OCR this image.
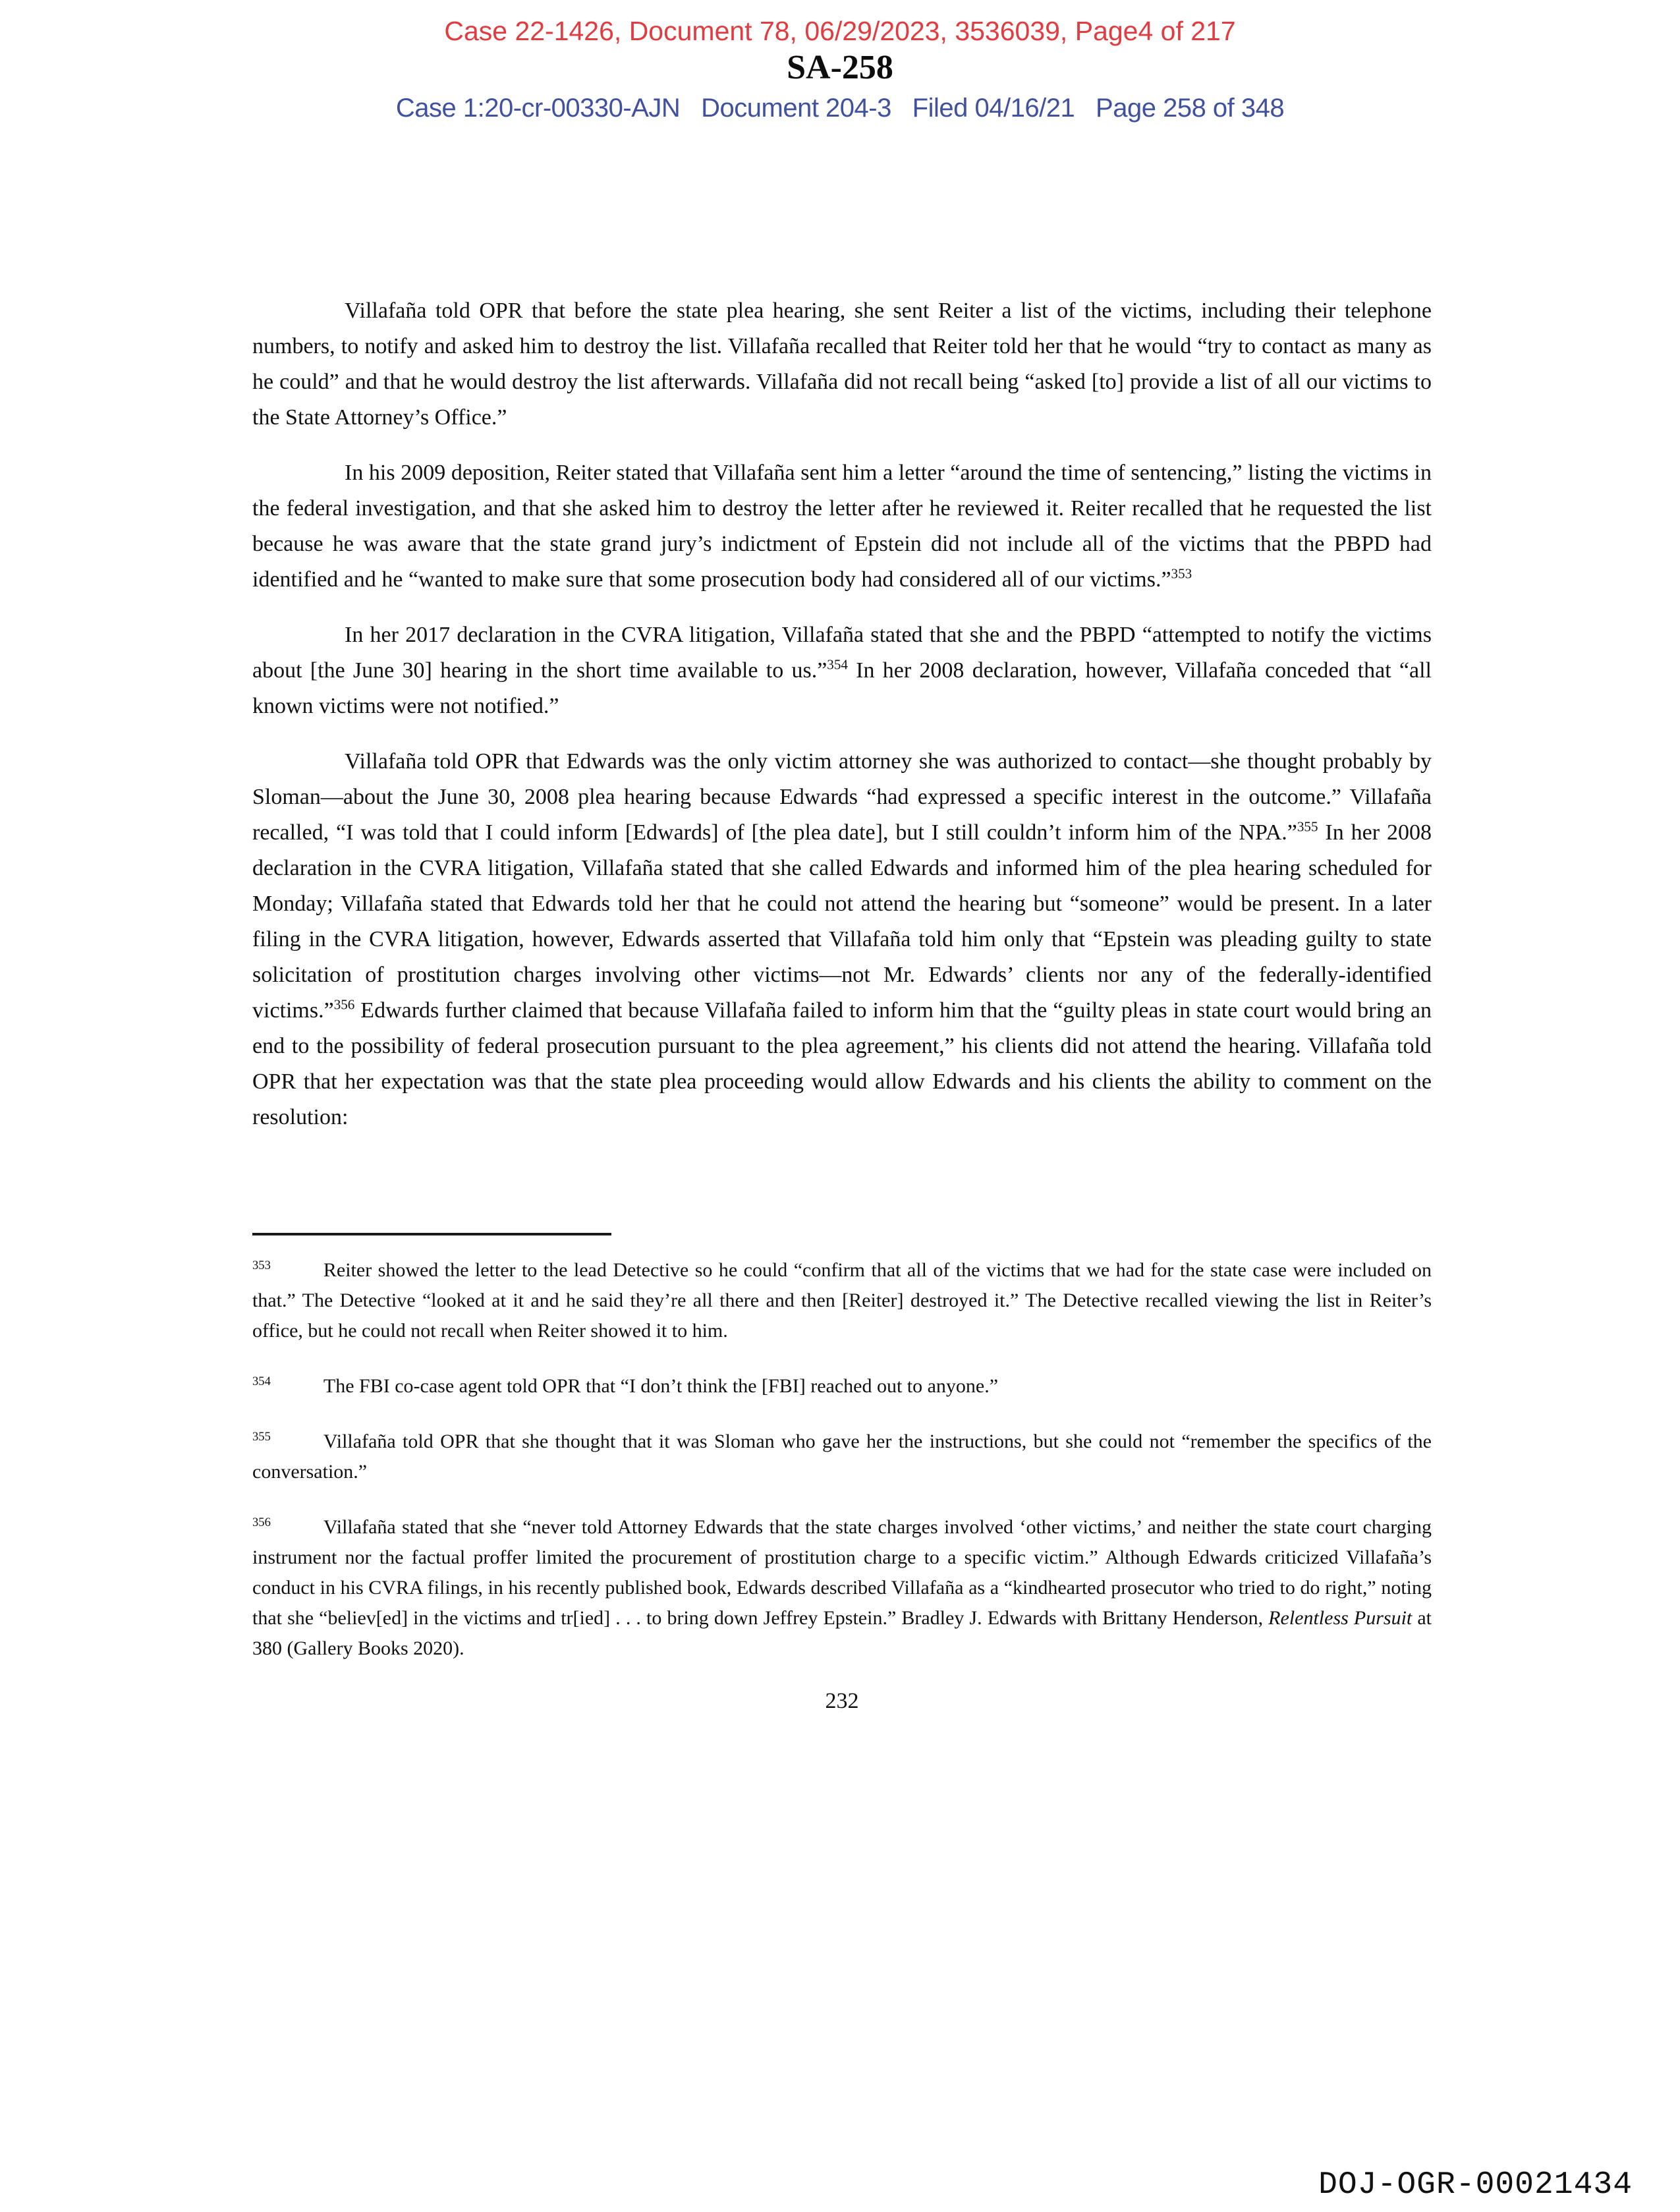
Case 22-1426, Document 78, 06/29/2023, 3536039, Page4 of 217
SA-258
Case 1:20-cr-00330-AJN   Document 204-3   Filed 04/16/21   Page 258 of 348

Villafaña told OPR that before the state plea hearing, she sent Reiter a list of the victims, including their telephone numbers, to notify and asked him to destroy the list. Villafaña recalled that Reiter told her that he would “try to contact as many as he could” and that he would destroy the list afterwards. Villafaña did not recall being “asked [to] provide a list of all our victims to the State Attorney’s Office.”

In his 2009 deposition, Reiter stated that Villafaña sent him a letter “around the time of sentencing,” listing the victims in the federal investigation, and that she asked him to destroy the letter after he reviewed it. Reiter recalled that he requested the list because he was aware that the state grand jury’s indictment of Epstein did not include all of the victims that the PBPD had identified and he “wanted to make sure that some prosecution body had considered all of our victims.”$^{353}$

In her 2017 declaration in the CVRA litigation, Villafaña stated that she and the PBPD “attempted to notify the victims about [the June 30] hearing in the short time available to us.”$^{354}$ In her 2008 declaration, however, Villafaña conceded that “all known victims were not notified.”

Villafaña told OPR that Edwards was the only victim attorney she was authorized to contact—she thought probably by Sloman—about the June 30, 2008 plea hearing because Edwards “had expressed a specific interest in the outcome.” Villafaña recalled, “I was told that I could inform [Edwards] of [the plea date], but I still couldn’t inform him of the NPA.”$^{355}$ In her 2008 declaration in the CVRA litigation, Villafaña stated that she called Edwards and informed him of the plea hearing scheduled for Monday; Villafaña stated that Edwards told her that he could not attend the hearing but “someone” would be present. In a later filing in the CVRA litigation, however, Edwards asserted that Villafaña told him only that “Epstein was pleading guilty to state solicitation of prostitution charges involving other victims—not Mr. Edwards’ clients nor any of the federally-identified victims.”$^{356}$ Edwards further claimed that because Villafaña failed to inform him that the “guilty pleas in state court would bring an end to the possibility of federal prosecution pursuant to the plea agreement,” his clients did not attend the hearing. Villafaña told OPR that her expectation was that the state plea proceeding would allow Edwards and his clients the ability to comment on the resolution:

$^{353}$	Reiter showed the letter to the lead Detective so he could “confirm that all of the victims that we had for the state case were included on that.” The Detective “looked at it and he said they’re all there and then [Reiter] destroyed it.” The Detective recalled viewing the list in Reiter’s office, but he could not recall when Reiter showed it to him.

$^{354}$	The FBI co-case agent told OPR that “I don’t think the [FBI] reached out to anyone.”

$^{355}$	Villafaña told OPR that she thought that it was Sloman who gave her the instructions, but she could not “remember the specifics of the conversation.”

$^{356}$	Villafaña stated that she “never told Attorney Edwards that the state charges involved ‘other victims,’ and neither the state court charging instrument nor the factual proffer limited the procurement of prostitution charge to a specific victim.” Although Edwards criticized Villafaña’s conduct in his CVRA filings, in his recently published book, Edwards described Villafaña as a “kindhearted prosecutor who tried to do right,” noting that she “believ[ed] in the victims and tr[ied] . . . to bring down Jeffrey Epstein.” Bradley J. Edwards with Brittany Henderson, Relentless Pursuit at 380 (Gallery Books 2020).

232
DOJ-OGR-00021434
